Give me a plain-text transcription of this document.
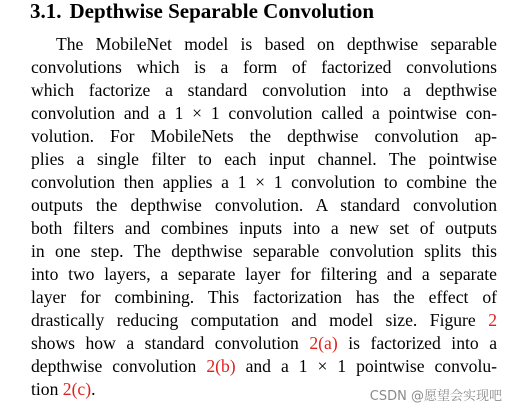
3.1. Depthwise Separable Convolution
The MobileNet model is based on depthwise separable
convolutions which is a form of factorized convolutions
which factorize a standard convolution into a depthwise
convolution and a 1 × 1 convolution called a pointwise con-
volution. For MobileNets the depthwise convolution ap-
plies a single filter to each input channel. The pointwise
convolution then applies a 1 × 1 convolution to combine the
outputs the depthwise convolution. A standard convolution
both filters and combines inputs into a new set of outputs
in one step. The depthwise separable convolution splits this
into two layers, a separate layer for filtering and a separate
layer for combining. This factorization has the effect of
drastically reducing computation and model size. Figure 2
shows how a standard convolution 2(a) is factorized into a
depthwise convolution 2(b) and a 1 × 1 pointwise convolu-
tion 2(c).	CSDN @愿望会实现吧
